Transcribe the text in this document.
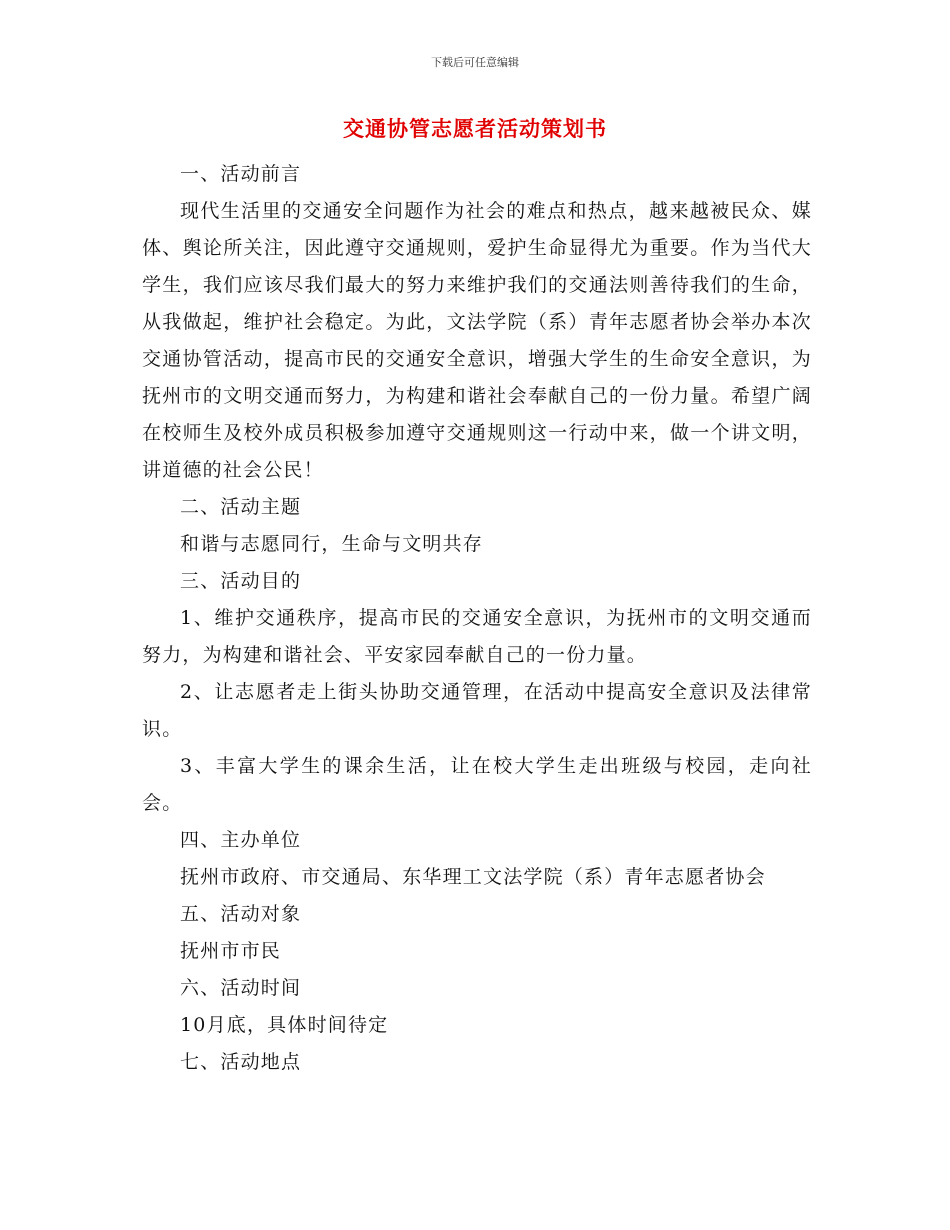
下载后可任意编辑
交通协管志愿者活动策划书

一、活动前言

现代生活里的交通安全问题作为社会的难点和热点，越来越被民众、媒体、舆论所关注，因此遵守交通规则，爱护生命显得尤为重要。作为当代大学生，我们应该尽我们最大的努力来维护我们的交通法则善待我们的生命，从我做起，维护社会稳定。为此，文法学院（系）青年志愿者协会举办本次交通协管活动，提高市民的交通安全意识，增强大学生的生命安全意识，为抚州市的文明交通而努力，为构建和谐社会奉献自己的一份力量。希望广阔在校师生及校外成员积极参加遵守交通规则这一行动中来，做一个讲文明，讲道德的社会公民！

二、活动主题

和谐与志愿同行，生命与文明共存

三、活动目的

1、维护交通秩序，提高市民的交通安全意识，为抚州市的文明交通而努力，为构建和谐社会、平安家园奉献自己的一份力量。

2、让志愿者走上街头协助交通管理，在活动中提高安全意识及法律常识。

3、丰富大学生的课余生活，让在校大学生走出班级与校园，走向社会。

四、主办单位

抚州市政府、市交通局、东华理工文法学院（系）青年志愿者协会

五、活动对象

抚州市市民

六、活动时间

10月底，具体时间待定

七、活动地点
